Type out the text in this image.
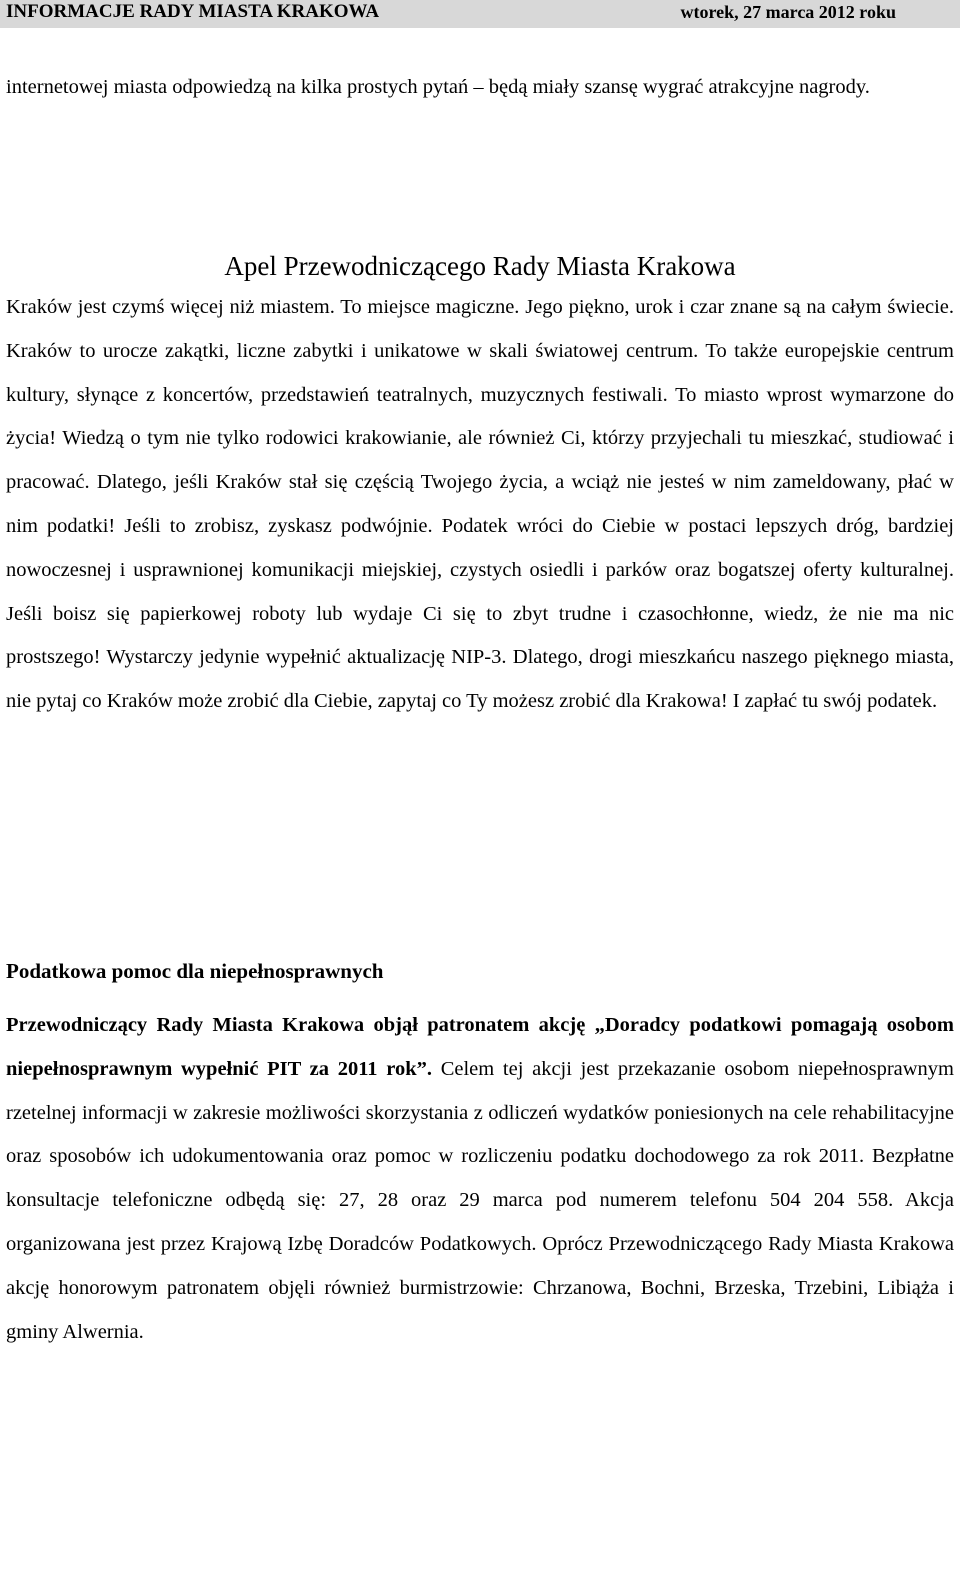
INFORMACJE RADY MIASTA KRAKOWA	wtorek, 27 marca 2012 roku

internetowej miasta odpowiedzą na kilka prostych pytań – będą miały szansę wygrać atrakcyjne nagrody.

Apel Przewodniczącego Rady Miasta Krakowa

Kraków jest czymś więcej niż miastem. To miejsce magiczne. Jego piękno, urok i czar znane są na całym świecie. Kraków to urocze zakątki, liczne zabytki i unikatowe w skali światowej centrum. To także europejskie centrum kultury, słynące z koncertów, przedstawień teatralnych, muzycznych festiwali. To miasto wprost wymarzone do życia! Wiedzą o tym nie tylko rodowici krakowianie, ale również Ci, którzy przyjechali tu mieszkać, studiować i pracować. Dlatego, jeśli Kraków stał się częścią Twojego życia, a wciąż nie jesteś w nim zameldowany, płać w nim podatki! Jeśli to zrobisz, zyskasz podwójnie. Podatek wróci do Ciebie w postaci lepszych dróg, bardziej nowoczesnej i usprawnionej komunikacji miejskiej, czystych osiedli i parków oraz bogatszej oferty kulturalnej. Jeśli boisz się papierkowej roboty lub wydaje Ci się to zbyt trudne i czasochłonne, wiedz, że nie ma nic prostszego! Wystarczy jedynie wypełnić aktualizację NIP-3. Dlatego, drogi mieszkańcu naszego pięknego miasta, nie pytaj co Kraków może zrobić dla Ciebie, zapytaj co Ty możesz zrobić dla Krakowa! I zapłać tu swój podatek.

Podatkowa pomoc dla niepełnosprawnych

Przewodniczący Rady Miasta Krakowa objął patronatem akcję „Doradcy podatkowi pomagają osobom niepełnosprawnym wypełnić PIT za 2011 rok”. Celem tej akcji jest przekazanie osobom niepełnosprawnym rzetelnej informacji w zakresie możliwości skorzystania z odliczeń wydatków poniesionych na cele rehabilitacyjne oraz sposobów ich udokumentowania oraz pomoc w rozliczeniu podatku dochodowego za rok 2011. Bezpłatne konsultacje telefoniczne odbędą się: 27, 28 oraz 29 marca pod numerem telefonu 504 204 558. Akcja organizowana jest przez Krajową Izbę Doradców Podatkowych. Oprócz Przewodniczącego Rady Miasta Krakowa akcję honorowym patronatem objęli również burmistrzowie: Chrzanowa, Bochni, Brzeska, Trzebini, Libiąża i gminy Alwernia.
